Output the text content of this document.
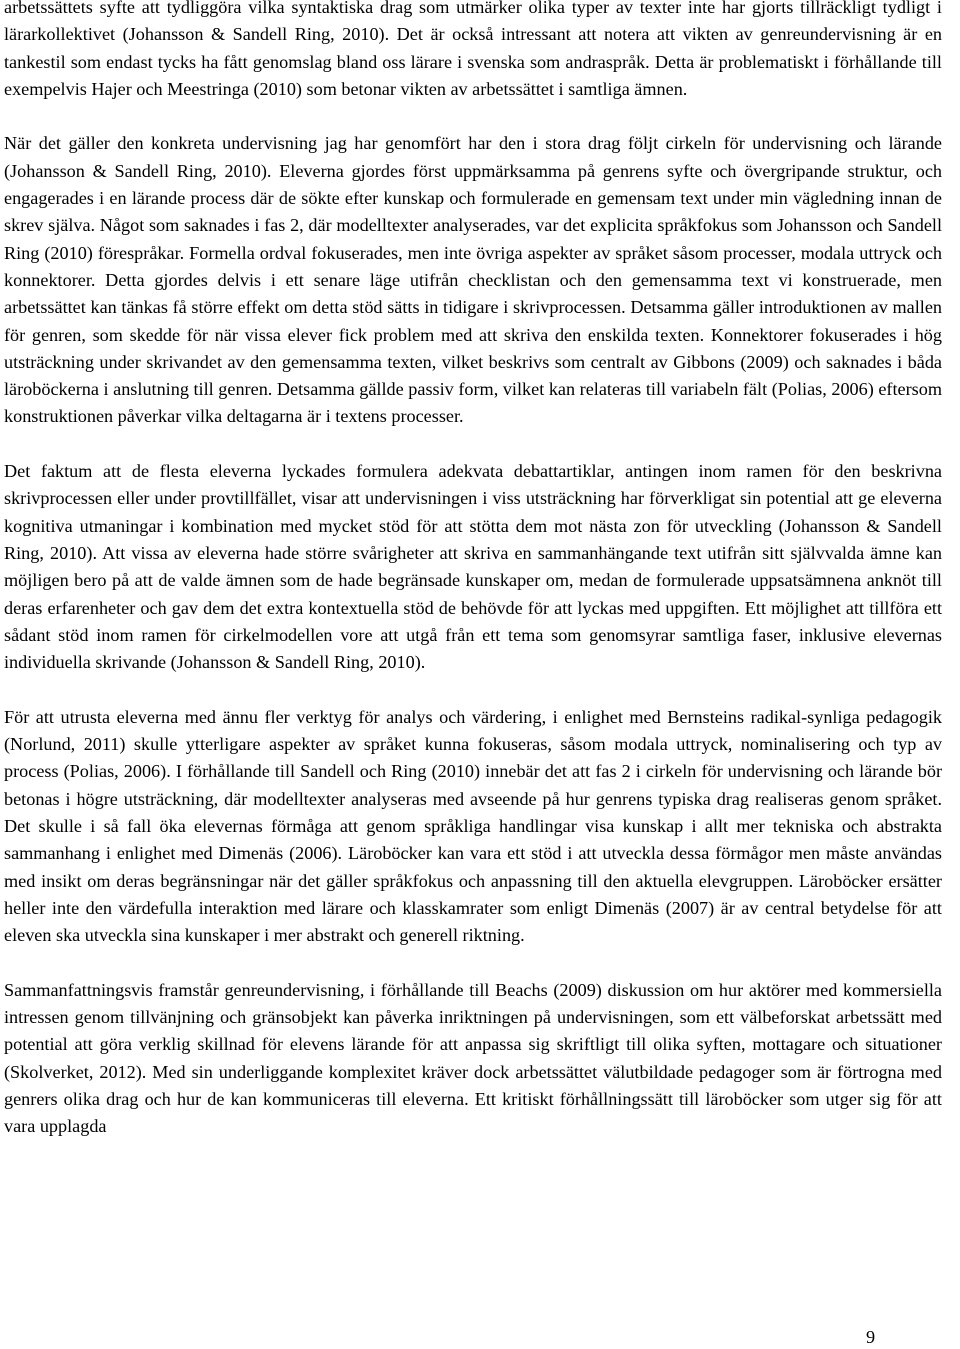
arbetssättets syfte att tydliggöra vilka syntaktiska drag som utmärker olika typer av texter inte har gjorts tillräckligt tydligt i lärarkollektivet (Johansson & Sandell Ring, 2010). Det är också intressant att notera att vikten av genreundervisning är en tankestil som endast tycks ha fått genomslag bland oss lärare i svenska som andraspråk. Detta är problematiskt i förhållande till exempelvis Hajer och Meestringa (2010) som betonar vikten av arbetssättet i samtliga ämnen.

När det gäller den konkreta undervisning jag har genomfört har den i stora drag följt cirkeln för undervisning och lärande (Johansson & Sandell Ring, 2010). Eleverna gjordes först uppmärksamma på genrens syfte och övergripande struktur, och engagerades i en lärande process där de sökte efter kunskap och formulerade en gemensam text under min vägledning innan de skrev själva. Något som saknades i fas 2, där modelltexter analyserades, var det explicita språkfokus som Johansson och Sandell Ring (2010) förespråkar. Formella ordval fokuserades, men inte övriga aspekter av språket såsom processer, modala uttryck och konnektorer. Detta gjordes delvis i ett senare läge utifrån checklistan och den gemensamma text vi konstruerade, men arbetssättet kan tänkas få större effekt om detta stöd sätts in tidigare i skrivprocessen. Detsamma gäller introduktionen av mallen för genren, som skedde för när vissa elever fick problem med att skriva den enskilda texten. Konnektorer fokuserades i hög utsträckning under skrivandet av den gemensamma texten, vilket beskrivs som centralt av Gibbons (2009) och saknades i båda läroböckerna i anslutning till genren. Detsamma gällde passiv form, vilket kan relateras till variabeln fält (Polias, 2006) eftersom konstruktionen påverkar vilka deltagarna är i textens processer.

Det faktum att de flesta eleverna lyckades formulera adekvata debattartiklar, antingen inom ramen för den beskrivna skrivprocessen eller under provtillfället, visar att undervisningen i viss utsträckning har förverkligat sin potential att ge eleverna kognitiva utmaningar i kombination med mycket stöd för att stötta dem mot nästa zon för utveckling (Johansson & Sandell Ring, 2010). Att vissa av eleverna hade större svårigheter att skriva en sammanhängande text utifrån sitt självvalda ämne kan möjligen bero på att de valde ämnen som de hade begränsade kunskaper om, medan de formulerade uppsatsämnena anknöt till deras erfarenheter och gav dem det extra kontextuella stöd de behövde för att lyckas med uppgiften. Ett möjlighet att tillföra ett sådant stöd inom ramen för cirkelmodellen vore att utgå från ett tema som genomsyrar samtliga faser, inklusive elevernas individuella skrivande (Johansson & Sandell Ring, 2010).

För att utrusta eleverna med ännu fler verktyg för analys och värdering, i enlighet med Bernsteins radikal-synliga pedagogik (Norlund, 2011) skulle ytterligare aspekter av språket kunna fokuseras, såsom modala uttryck, nominalisering och typ av process (Polias, 2006). I förhållande till Sandell och Ring (2010) innebär det att fas 2 i cirkeln för undervisning och lärande bör betonas i högre utsträckning, där modelltexter analyseras med avseende på hur genrens typiska drag realiseras genom språket. Det skulle i så fall öka elevernas förmåga att genom språkliga handlingar visa kunskap i allt mer tekniska och abstrakta sammanhang i enlighet med Dimenäs (2006). Läroböcker kan vara ett stöd i att utveckla dessa förmågor men måste användas med insikt om deras begränsningar när det gäller språkfokus och anpassning till den aktuella elevgruppen. Läroböcker ersätter heller inte den värdefulla interaktion med lärare och klasskamrater som enligt Dimenäs (2007) är av central betydelse för att eleven ska utveckla sina kunskaper i mer abstrakt och generell riktning.

Sammanfattningsvis framstår genreundervisning, i förhållande till Beachs (2009) diskussion om hur aktörer med kommersiella intressen genom tillvänjning och gränsobjekt kan påverka inriktningen på undervisningen, som ett välbeforskat arbetssätt med potential att göra verklig skillnad för elevens lärande för att anpassa sig skriftligt till olika syften, mottagare och situationer (Skolverket, 2012). Med sin underliggande komplexitet kräver dock arbetssättet välutbildade pedagoger som är förtrogna med genrers olika drag och hur de kan kommuniceras till eleverna. Ett kritiskt förhållningssätt till läroböcker som utger sig för att vara upplagda

9
